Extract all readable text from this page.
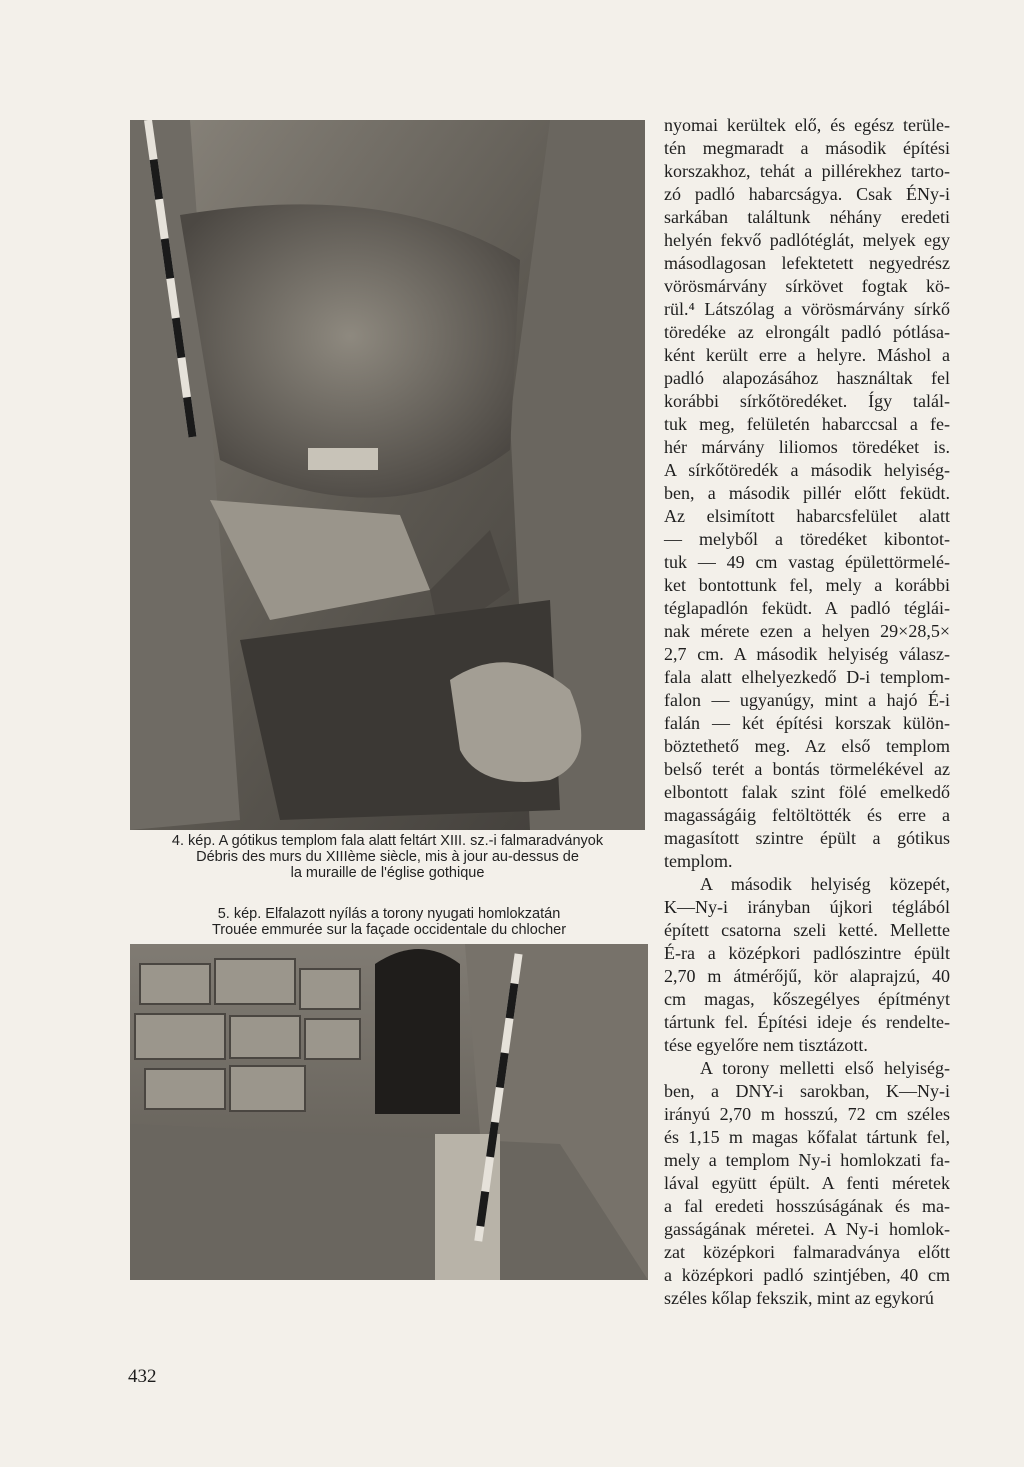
4. kép. A gótikus templom fala alatt feltárt XIII. sz.-i falmaradványok
Débris des murs du XIIIème siècle, mis à jour au-dessus de
la muraille de l'église gothique
5. kép. Elfalazott nyílás a torony nyugati homlokzatán
Trouée emmurée sur la façade occidentale du chlocher
nyomai kerültek elő, és egész terüle-
tén megmaradt a második építési
korszakhoz, tehát a pillérekhez tarto-
zó padló habarcságya. Csak ÉNy-i
sarkában találtunk néhány eredeti
helyén fekvő padlótéglát, melyek egy
másodlagosan lefektetett negyedrész
vörösmárvány sírkövet fogtak kö-
rül.⁴ Látszólag a vörösmárvány sírkő
töredéke az elrongált padló pótlása-
ként került erre a helyre. Máshol a
padló alapozásához használtak fel
korábbi sírkőtöredéket. Így talál-
tuk meg, felületén habarccsal a fe-
hér márvány liliomos töredéket is.
A sírkőtöredék a második helyiség-
ben, a második pillér előtt feküdt.
Az elsimított habarcsfelület alatt
— melyből a töredéket kibontot-
tuk — 49 cm vastag épülettörmelé-
ket bontottunk fel, mely a korábbi
téglapadlón feküdt. A padló téglái-
nak mérete ezen a helyen 29×28,5×
2,7 cm. A második helyiség válasz-
fala alatt elhelyezkedő D-i templom-
falon — ugyanúgy, mint a hajó É-i
falán — két építési korszak külön-
böztethető meg. Az első templom
belső terét a bontás törmelékével az
elbontott falak szint fölé emelkedő
magasságáig feltöltötték és erre a
magasított szintre épült a gótikus
templom.
A második helyiség közepét,
K—Ny-i irányban újkori téglából
épített csatorna szeli ketté. Mellette
É-ra a középkori padlószintre épült
2,70 m átmérőjű, kör alaprajzú, 40
cm magas, kőszegélyes építményt
tártunk fel. Építési ideje és rendelte-
tése egyelőre nem tisztázott.
A torony melletti első helyiség-
ben, a DNY-i sarokban, K—Ny-i
irányú 2,70 m hosszú, 72 cm széles
és 1,15 m magas kőfalat tártunk fel,
mely a templom Ny-i homlokzati fa-
lával együtt épült. A fenti méretek
a fal eredeti hosszúságának és ma-
gasságának méretei. A Ny-i homlok-
zat középkori falmaradványa előtt
a középkori padló szintjében, 40 cm
széles kőlap fekszik, mint az egykorú
432
